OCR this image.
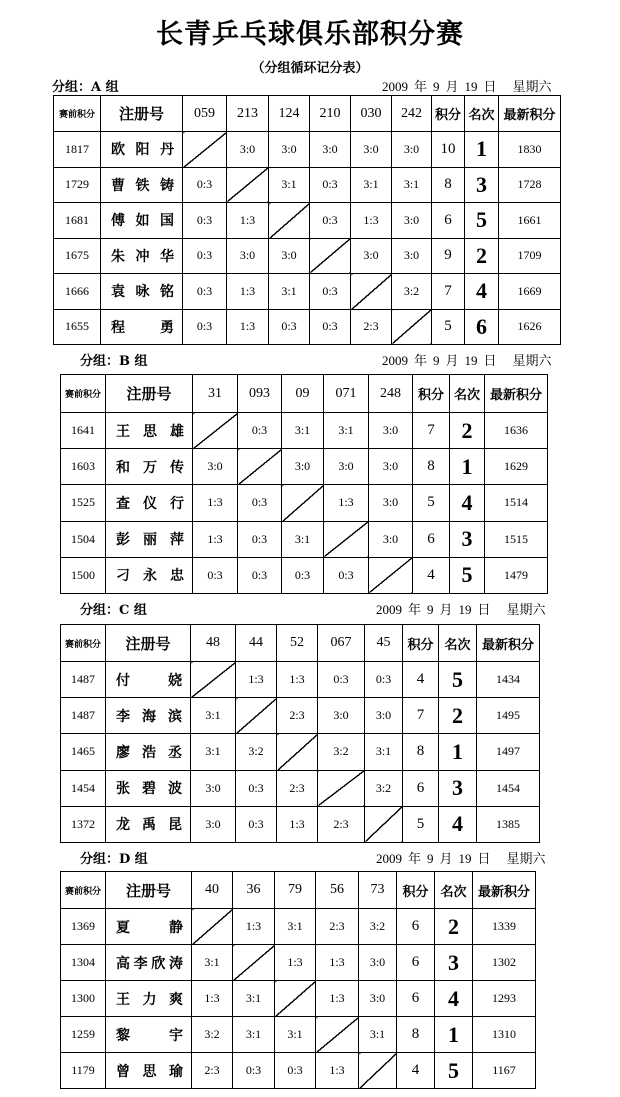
长青乒乓球俱乐部积分赛
（分组循环记分表）
分组：A 组	2009 年 9 月 19 日 星期六
赛前积分	注册号	059	213	124	210	030	242	积分	名次	最新积分
1817	欧阳丹		3:0	3:0	3:0	3:0	3:0	10	1	1830
1729	曹铁铸	0:3		3:1	0:3	3:1	3:1	8	3	1728
1681	傅如国	0:3	1:3		0:3	1:3	3:0	6	5	1661
1675	朱冲华	0:3	3:0	3:0		3:0	3:0	9	2	1709
1666	袁咏铭	0:3	1:3	3:1	0:3		3:2	7	4	1669
1655	程　勇	0:3	1:3	0:3	0:3	2:3		5	6	1626
分组：B 组	2009 年 9 月 19 日 星期六
赛前积分	注册号	31	093	09	071	248	积分	名次	最新积分
1641	王思雄		0:3	3:1	3:1	3:0	7	2	1636
1603	和万传	3:0		3:0	3:0	3:0	8	1	1629
1525	查仪行	1:3	0:3		1:3	3:0	5	4	1514
1504	彭丽萍	1:3	0:3	3:1		3:0	6	3	1515
1500	刁永忠	0:3	0:3	0:3	0:3		4	5	1479
分组：C 组	2009 年 9 月 19 日 星期六
赛前积分	注册号	48	44	52	067	45	积分	名次	最新积分
1487	付　娆		1:3	1:3	0:3	0:3	4	5	1434
1487	李海滨	3:1		2:3	3:0	3:0	7	2	1495
1465	廖浩丞	3:1	3:2		3:2	3:1	8	1	1497
1454	张碧波	3:0	0:3	2:3		3:2	6	3	1454
1372	龙禹昆	3:0	0:3	1:3	2:3		5	4	1385
分组：D 组	2009 年 9 月 19 日 星期六
赛前积分	注册号	40	36	79	56	73	积分	名次	最新积分
1369	夏　静		1:3	3:1	2:3	3:2	6	2	1339
1304	高李欣涛	3:1		1:3	1:3	3:0	6	3	1302
1300	王力爽	1:3	3:1		1:3	3:0	6	4	1293
1259	黎　宇	3:2	3:1	3:1		3:1	8	1	1310
1179	曾思瑜	2:3	0:3	0:3	1:3		4	5	1167
